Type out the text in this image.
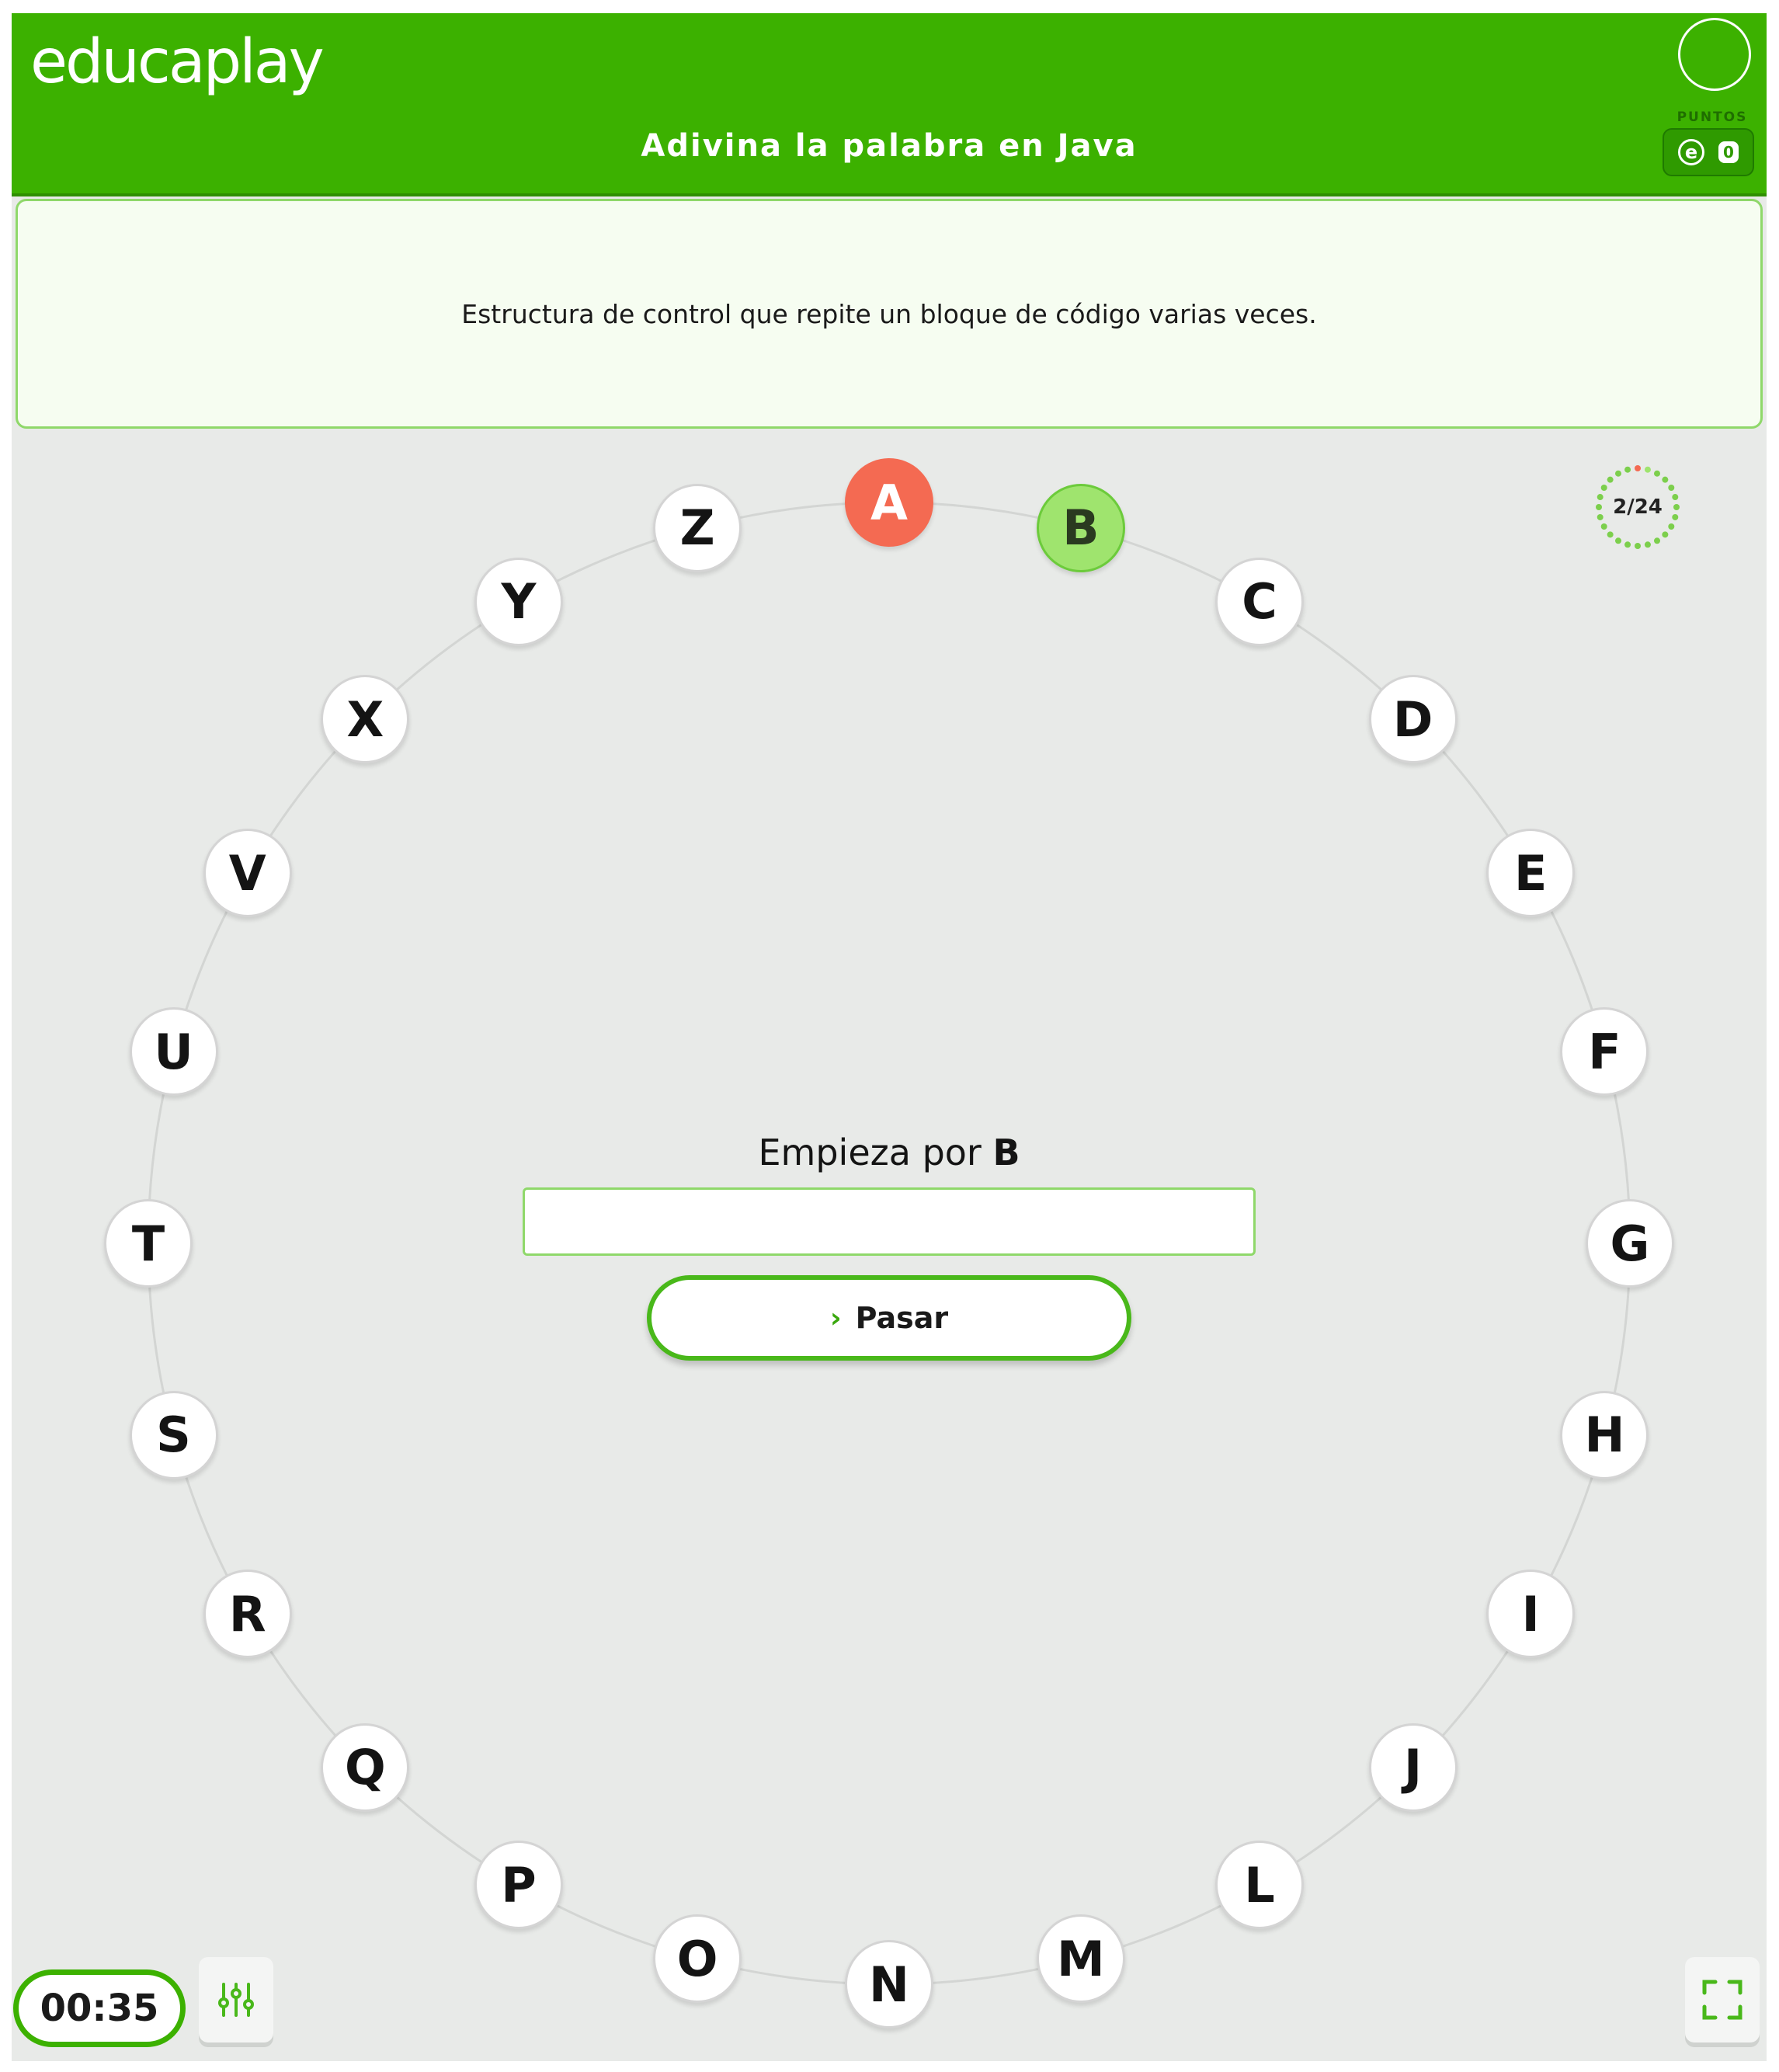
educaplay
Adivina la palabra en Java
PUNTOS
e	0
Estructura de control que repite un bloque de código varias veces.
A	B
C
D
E
F
G
H
I
J
L
M
N
O
P
Q
R
S
T
U
V
X
Y
Z	2/24
Empieza por B
› Pasar
00:35
